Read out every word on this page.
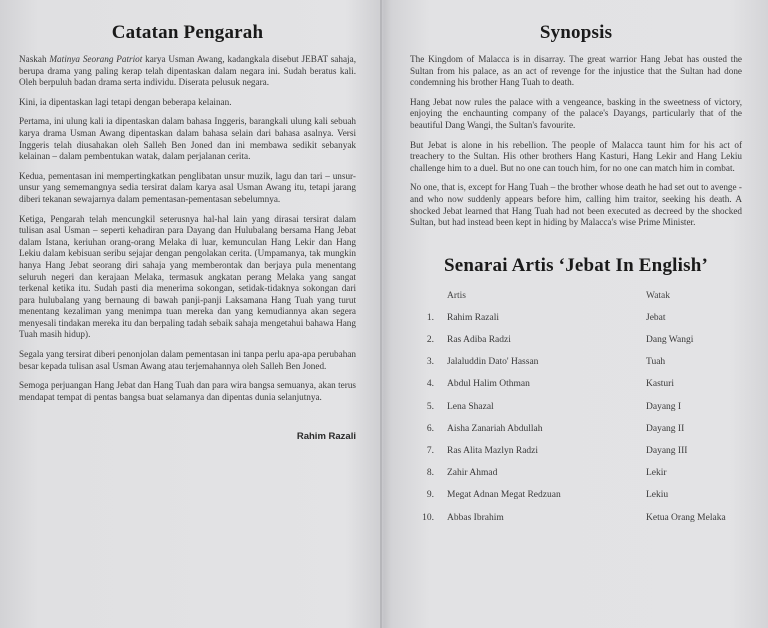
Catatan Pengarah

Naskah Matinya Seorang Patriot karya Usman Awang, kadangkala disebut JEBAT sahaja, berupa drama yang paling kerap telah dipentaskan dalam negara ini. Sudah beratus kali. Oleh berpuluh badan drama serta individu. Diserata pelusuk negara.

Kini, ia dipentaskan lagi tetapi dengan beberapa kelainan.

Pertama, ini ulung kali ia dipentaskan dalam bahasa Inggeris, barangkali ulung kali sebuah karya drama Usman Awang dipentaskan dalam bahasa selain dari bahasa asalnya. Versi Inggeris telah diusahakan oleh Salleh Ben Joned dan ini membawa sedikit sebanyak kelainan – dalam pembentukan watak, dalam perjalanan cerita.

Kedua, pementasan ini mempertingkatkan penglibatan unsur muzik, lagu dan tari – unsur-unsur yang sememangnya sedia tersirat dalam karya asal Usman Awang itu, tetapi jarang diberi tekanan sewajarnya dalam pementasan-pementasan sebelumnya.

Ketiga, Pengarah telah mencungkil seterusnya hal-hal lain yang dirasai tersirat dalam tulisan asal Usman – seperti kehadiran para Dayang dan Hulubalang bersama Hang Jebat dalam Istana, keriuhan orang-orang Melaka di luar, kemunculan Hang Lekir dan Hang Lekiu dalam kebisuan seribu sejajar dengan pengolakan cerita. (Umpamanya, tak mungkin hanya Hang Jebat seorang diri sahaja yang memberontak dan berjaya pula menentang seluruh negeri dan kerajaan Melaka, termasuk angkatan perang Melaka yang sangat terkenal ketika itu. Sudah pasti dia menerima sokongan, setidak-tidaknya sokongan dari para hulubalang yang bernaung di bawah panji-panji Laksamana Hang Tuah yang turut menentang kezaliman yang menimpa tuan mereka dan yang kemudiannya akan segera menyesali tindakan mereka itu dan berpaling tadah sebaik sahaja mengetahui bahawa Hang Tuah masih hidup).

Segala yang tersirat diberi penonjolan dalam pementasan ini tanpa perlu apa-apa perubahan besar kepada tulisan asal Usman Awang atau terjemahannya oleh Salleh Ben Joned.

Semoga perjuangan Hang Jebat dan Hang Tuah dan para wira bangsa semuanya, akan terus mendapat tempat di pentas bangsa buat selamanya dan dipentas dunia selanjutnya.

Rahim Razali
Synopsis

The Kingdom of Malacca is in disarray. The great warrior Hang Jebat has ousted the Sultan from his palace, as an act of revenge for the injustice that the Sultan had done condemning his brother Hang Tuah to death.

Hang Jebat now rules the palace with a vengeance, basking in the sweetness of victory, enjoying the enchaunting company of the palace's Dayangs, particularly that of the beautiful Dang Wangi, the Sultan's favourite.

But Jebat is alone in his rebellion. The people of Malacca taunt him for his act of treachery to the Sultan. His other brothers Hang Kasturi, Hang Lekir and Hang Lekiu challenge him to a duel. But no one can touch him, for no one can match him in combat.

No one, that is, except for Hang Tuah – the brother whose death he had set out to avenge - and who now suddenly appears before him, calling him traitor, seeking his death. A shocked Jebat learned that Hang Tuah had not been executed as decreed by the shocked Sultan, but had instead been kept in hiding by Malacca's wise Prime Minister.

Senarai Artis ‘Jebat In English’
Artis	Watak
1. Rahim Razali	Jebat
2. Ras Adiba Radzi	Dang Wangi
3. Jalaluddin Dato' Hassan	Tuah
4. Abdul Halim Othman	Kasturi
5. Lena Shazal	Dayang I
6. Aisha Zanariah Abdullah	Dayang II
7. Ras Alita Mazlyn Radzi	Dayang III
8. Zahir Ahmad	Lekir
9. Megat Adnan Megat Redzuan	Lekiu
10. Abbas Ibrahim	Ketua Orang Melaka
